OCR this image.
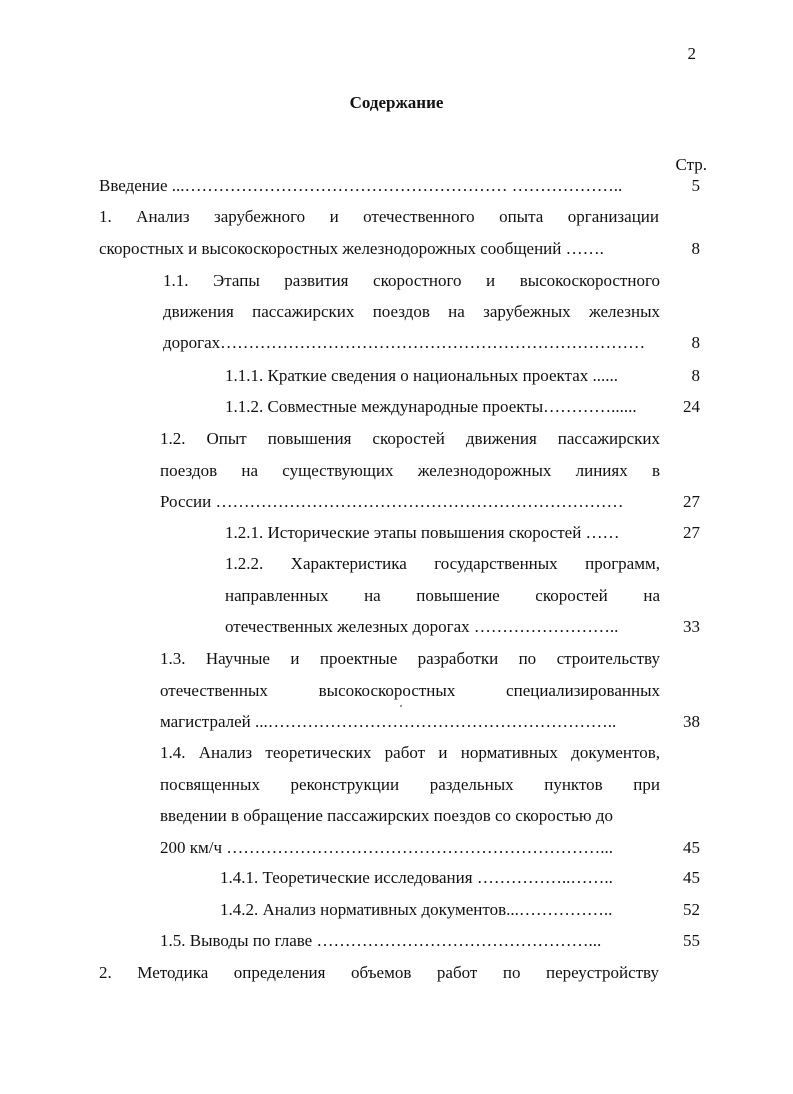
2
Содержание
Стр.
Введение ...………………………………………………… ………………..	5
1. Анализ зарубежного и отечественного опыта организации
скоростных и высокоскоростных железнодорожных сообщений …….	8
1.1. Этапы развития скоростного и высокоскоростного
движения пассажирских поездов на зарубежных железных
дорогах…………………………………………………………………	8
1.1.1. Краткие сведения о национальных проектах ......	8
1.1.2. Совместные международные проекты…………......	24
1.2. Опыт повышения скоростей движения пассажирских
поездов на существующих железнодорожных линиях в
России ………………………………………………………………	27
1.2.1. Исторические этапы повышения скоростей ……	27
1.2.2. Характеристика государственных программ,
направленных на повышение скоростей на
отечественных железных дорогах ……………………..	33
1.3. Научные и проектные разработки по строительству
отечественных высокоскоростных специализированных
магистралей ...……………………………………………………..	38
1.4. Анализ теоретических работ и нормативных документов,
посвященных реконструкции раздельных пунктов при
введении в обращение пассажирских поездов со скоростью до
200 км/ч …………………………………………………………...	45
1.4.1. Теоретические исследования ……………..……..	45
1.4.2. Анализ нормативных документов...……………..	52
1.5. Выводы по главе …………………………………………...	55
2. Методика определения объемов работ по переустройству
